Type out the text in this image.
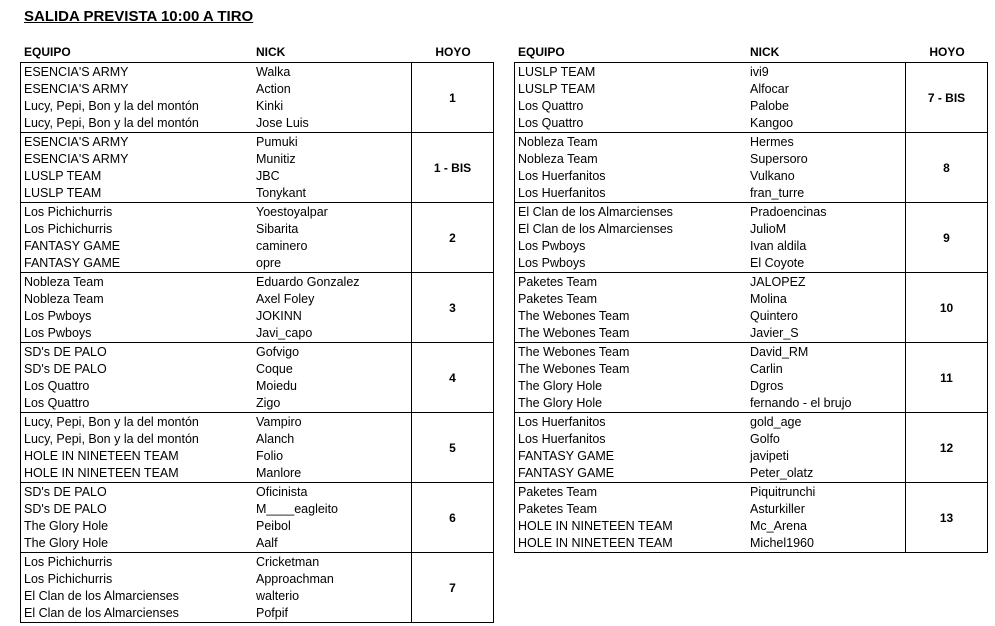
SALIDA PREVISTA 10:00 A TIRO
EQUIPO	NICK	HOYO
ESENCIA'S ARMY	Walka
ESENCIA'S ARMY	Action
Lucy, Pepi, Bon y la del montón	Kinki
Lucy, Pepi, Bon y la del montón	Jose Luis
1
ESENCIA'S ARMY	Pumuki
ESENCIA'S ARMY	Munitiz
LUSLP TEAM	JBC
LUSLP TEAM	Tonykant
1 - BIS
Los Pichichurris	Yoestoyalpar
Los Pichichurris	Sibarita
FANTASY GAME	caminero
FANTASY GAME	opre
2
Nobleza Team	Eduardo Gonzalez
Nobleza Team	Axel Foley
Los Pwboys	JOKINN
Los Pwboys	Javi_capo
3
SD's DE PALO	Gofvigo
SD's DE PALO	Coque
Los Quattro	Moiedu
Los Quattro	Zigo
4
Lucy, Pepi, Bon y la del montón	Vampiro
Lucy, Pepi, Bon y la del montón	Alanch
HOLE IN NINETEEN TEAM	Folio
HOLE IN NINETEEN TEAM	Manlore
5
SD's DE PALO	Oficinista
SD's DE PALO	M____eagleito
The Glory Hole	Peibol
The Glory Hole	Aalf
6
Los Pichichurris	Cricketman
Los Pichichurris	Approachman
El Clan de los Almarcienses	walterio
El Clan de los Almarcienses	Pofpif
7
EQUIPO	NICK	HOYO
LUSLP TEAM	ivi9
LUSLP TEAM	Alfocar
Los Quattro	Palobe
Los Quattro	Kangoo
7 - BIS
Nobleza Team	Hermes
Nobleza Team	Supersoro
Los Huerfanitos	Vulkano
Los Huerfanitos	fran_turre
8
El Clan de los Almarcienses	Pradoencinas
El Clan de los Almarcienses	JulioM
Los Pwboys	Ivan aldila
Los Pwboys	El Coyote
9
Paketes Team	JALOPEZ
Paketes Team	Molina
The Webones Team	Quintero
The Webones Team	Javier_S
10
The Webones Team	David_RM
The Webones Team	Carlin
The Glory Hole	Dgros
The Glory Hole	fernando - el brujo
11
Los Huerfanitos	gold_age
Los Huerfanitos	Golfo
FANTASY GAME	javipeti
FANTASY GAME	Peter_olatz
12
Paketes Team	Piquitrunchi
Paketes Team	Asturkiller
HOLE IN NINETEEN TEAM	Mc_Arena
HOLE IN NINETEEN TEAM	Michel1960
13
